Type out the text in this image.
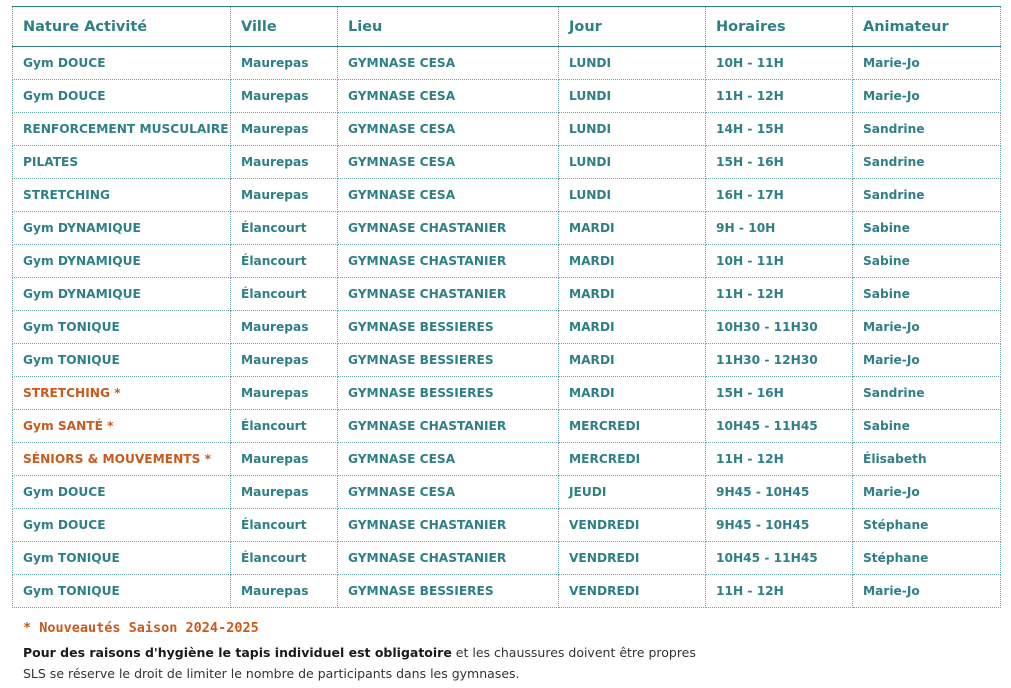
Nature Activité	Ville	Lieu	Jour	Horaires	Animateur
Gym DOUCE	Maurepas	GYMNASE CESA	LUNDI	10H - 11H	Marie-Jo
Gym DOUCE	Maurepas	GYMNASE CESA	LUNDI	11H - 12H	Marie-Jo
RENFORCEMENT MUSCULAIRE	Maurepas	GYMNASE CESA	LUNDI	14H - 15H	Sandrine
PILATES	Maurepas	GYMNASE CESA	LUNDI	15H - 16H	Sandrine
STRETCHING	Maurepas	GYMNASE CESA	LUNDI	16H - 17H	Sandrine
Gym DYNAMIQUE	Élancourt	GYMNASE CHASTANIER	MARDI	9H - 10H	Sabine
Gym DYNAMIQUE	Élancourt	GYMNASE CHASTANIER	MARDI	10H - 11H	Sabine
Gym DYNAMIQUE	Élancourt	GYMNASE CHASTANIER	MARDI	11H - 12H	Sabine
Gym TONIQUE	Maurepas	GYMNASE BESSIERES	MARDI	10H30 - 11H30	Marie-Jo
Gym TONIQUE	Maurepas	GYMNASE BESSIERES	MARDI	11H30 - 12H30	Marie-Jo
STRETCHING *	Maurepas	GYMNASE BESSIERES	MARDI	15H - 16H	Sandrine
Gym SANTÉ *	Élancourt	GYMNASE CHASTANIER	MERCREDI	10H45 - 11H45	Sabine
SÉNIORS & MOUVEMENTS *	Maurepas	GYMNASE CESA	MERCREDI	11H - 12H	Élisabeth
Gym DOUCE	Maurepas	GYMNASE CESA	JEUDI	9H45 - 10H45	Marie-Jo
Gym DOUCE	Élancourt	GYMNASE CHASTANIER	VENDREDI	9H45 - 10H45	Stéphane
Gym TONIQUE	Élancourt	GYMNASE CHASTANIER	VENDREDI	10H45 - 11H45	Stéphane
Gym TONIQUE	Maurepas	GYMNASE BESSIERES	VENDREDI	11H - 12H	Marie-Jo
* Nouveautés Saison 2024-2025
Pour des raisons d'hygiène le tapis individuel est obligatoire et les chaussures doivent être propres
SLS se réserve le droit de limiter le nombre de participants dans les gymnases.
